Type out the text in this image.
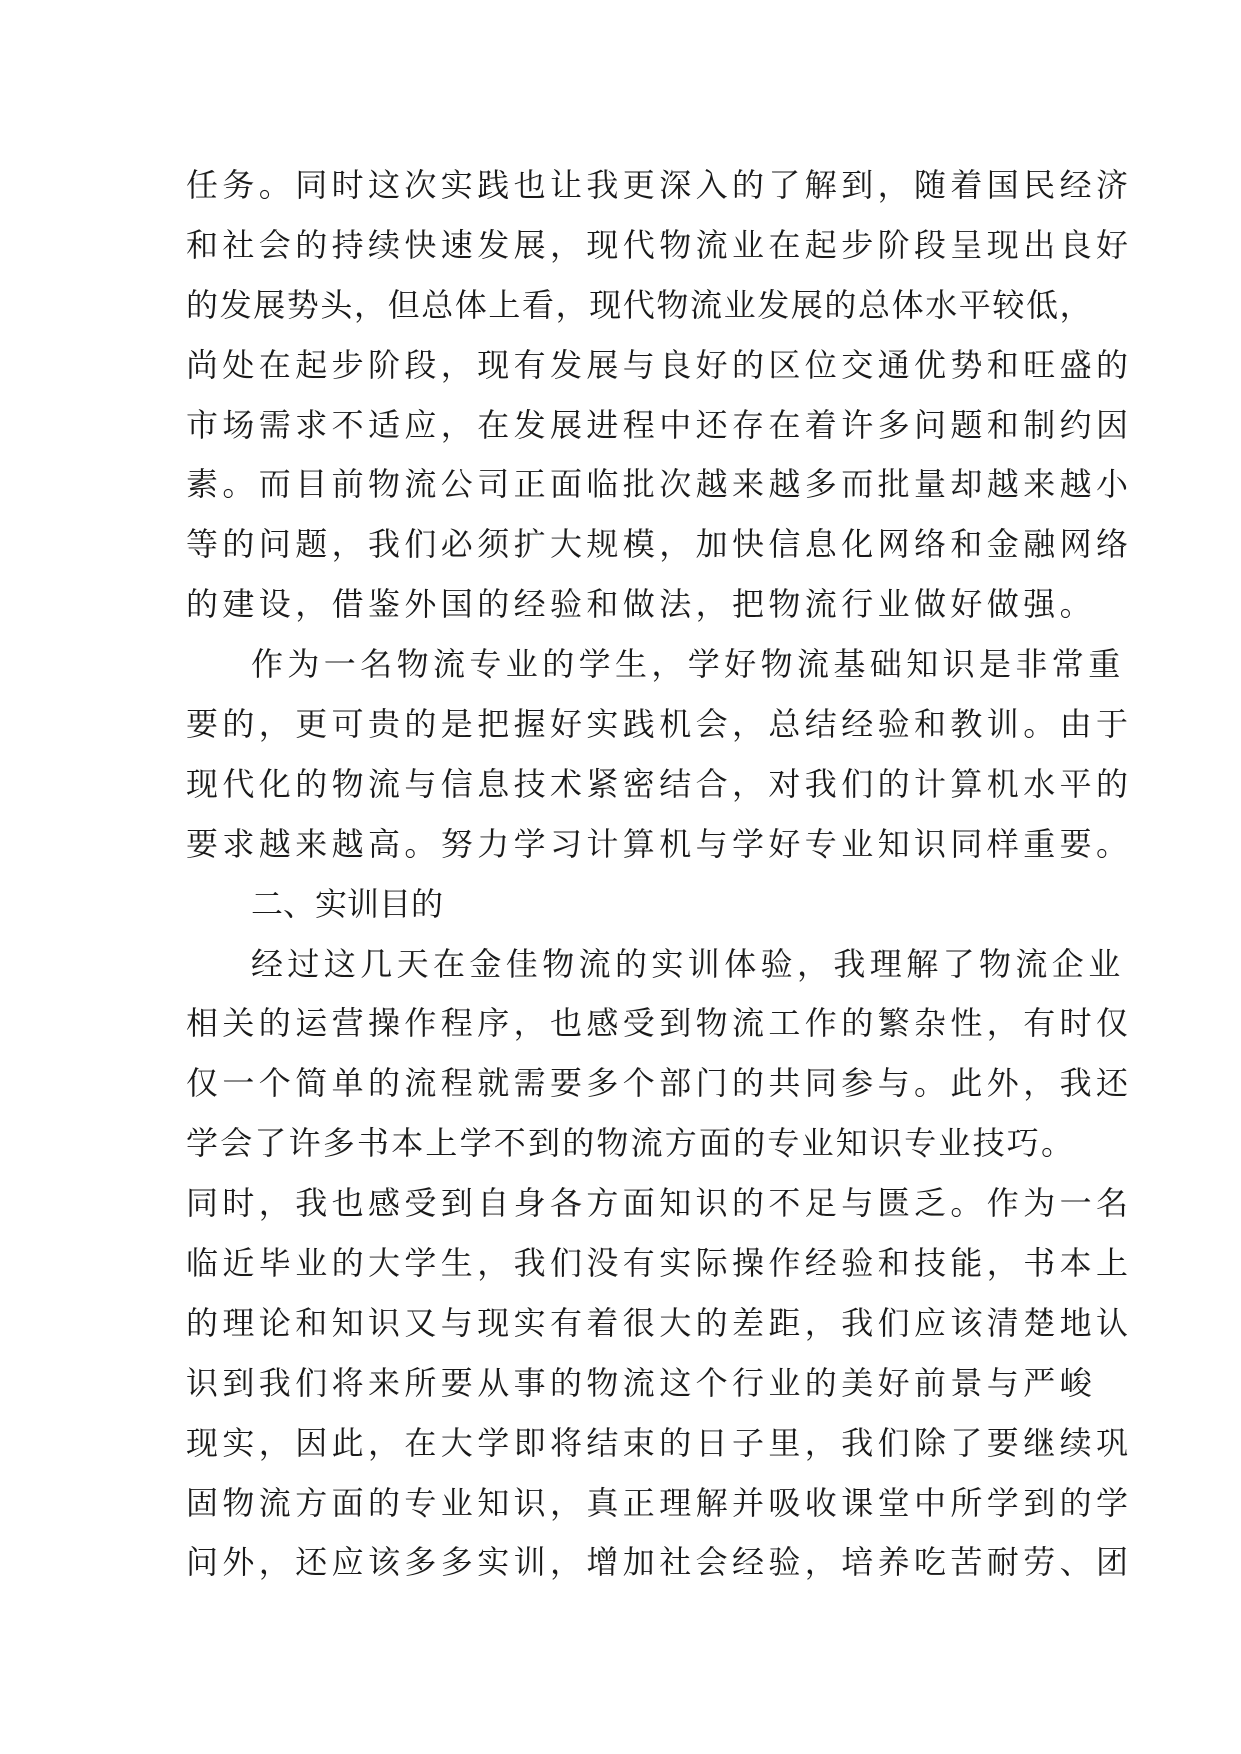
任务。同时这次实践也让我更深入的了解到，随着国民经济

和社会的持续快速发展，现代物流业在起步阶段呈现出良好

的发展势头，但总体上看，现代物流业发展的总体水平较低，

尚处在起步阶段，现有发展与良好的区位交通优势和旺盛的

市场需求不适应，在发展进程中还存在着许多问题和制约因

素。而目前物流公司正面临批次越来越多而批量却越来越小

等的问题，我们必须扩大规模，加快信息化网络和金融网络

的建设，借鉴外国的经验和做法，把物流行业做好做强。

作为一名物流专业的学生，学好物流基础知识是非常重

要的，更可贵的是把握好实践机会，总结经验和教训。由于

现代化的物流与信息技术紧密结合，对我们的计算机水平的

要求越来越高。努力学习计算机与学好专业知识同样重要。

二、实训目的

经过这几天在金佳物流的实训体验，我理解了物流企业

相关的运营操作程序，也感受到物流工作的繁杂性，有时仅

仅一个简单的流程就需要多个部门的共同参与。此外，我还

学会了许多书本上学不到的物流方面的专业知识专业技巧。

同时，我也感受到自身各方面知识的不足与匮乏。作为一名

临近毕业的大学生，我们没有实际操作经验和技能，书本上

的理论和知识又与现实有着很大的差距，我们应该清楚地认

识到我们将来所要从事的物流这个行业的美好前景与严峻

现实，因此，在大学即将结束的日子里，我们除了要继续巩

固物流方面的专业知识，真正理解并吸收课堂中所学到的学

问外，还应该多多实训，增加社会经验，培养吃苦耐劳、团
